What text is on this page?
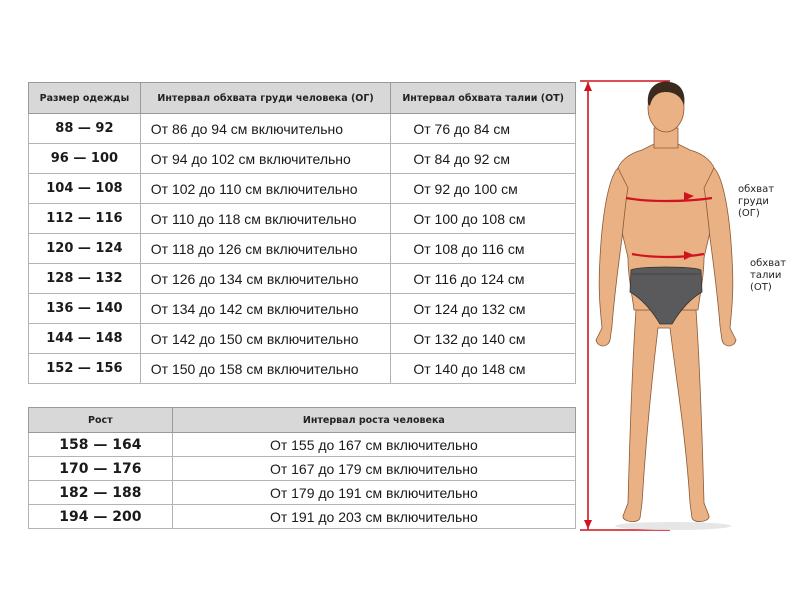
Размер одежды	Интервал обхвата груди человека (ОГ)	Интервал обхвата талии (ОТ)
88 — 92	От 86 до 94 см включительно	От 76 до 84 см
96 — 100	От 94 до 102 см включительно	От 84 до 92 см
104 — 108	От 102 до 110 см включительно	От 92 до 100 см
112 — 116	От 110 до 118 см включительно	От 100 до 108 см
120 — 124	От 118 до 126 см включительно	От 108 до 116 см
128 — 132	От 126 до 134 см включительно	От 116 до 124 см
136 — 140	От 134 до 142 см включительно	От 124 до 132 см
144 — 148	От 142 до 150 см включительно	От 132 до 140 см
152 — 156	От 150 до 158 см включительно	От 140 до 148 см
Рост	Интервал роста человека
158 — 164	От 155 до 167 см включительно
170 — 176	От 167 до 179 см включительно
182 — 188	От 179 до 191 см включительно
194 — 200	От 191 до 203 см включительно
обхват
груди
(ОГ)
обхват
талии
(ОТ)
